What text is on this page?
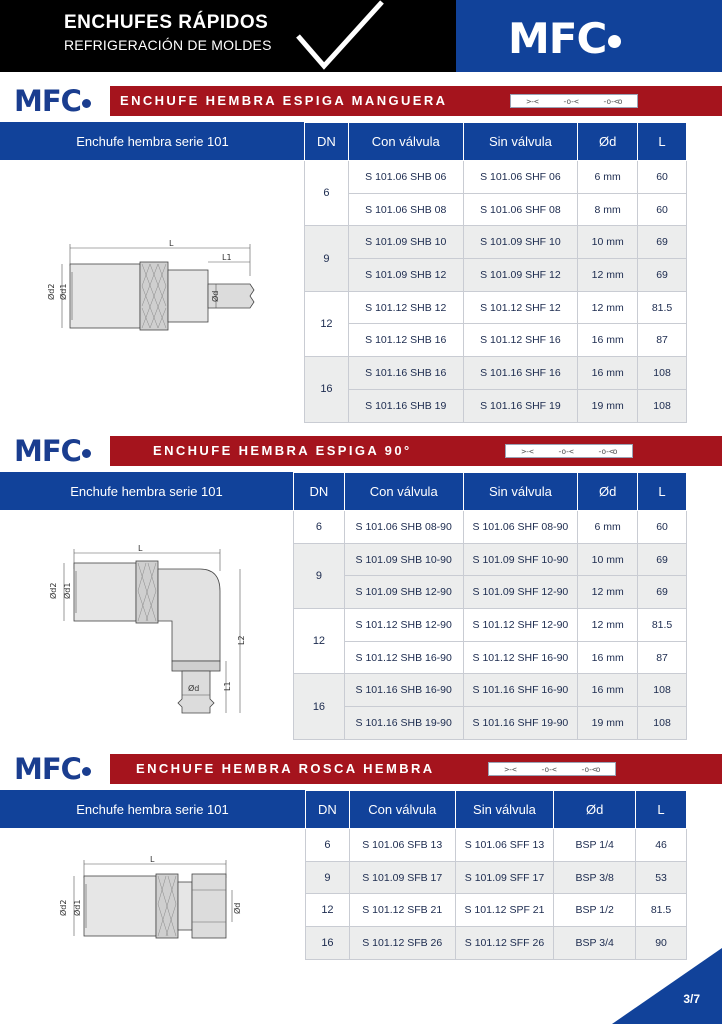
ENCHUFES RÁPIDOS
REFRIGERACIÓN DE MOLDES	MFC
MFC	ENCHUFE HEMBRA ESPIGA MANGUERA	>-<	-o-<	-o-<o
Enchufe hembra serie 101
L
L1
Ød2 Ød1	Ød
DN	Con válvula	Sin válvula	Ød	L
6	S 101.06 SHB 06	S 101.06 SHF 06	6 mm	60
	S 101.06 SHB 08	S 101.06 SHF 08	8 mm	60
9	S 101.09 SHB 10	S 101.09 SHF 10	10 mm	69
	S 101.09 SHB 12	S 101.09 SHF 12	12 mm	69
12	S 101.12 SHB 12	S 101.12 SHF 12	12 mm	81.5
	S 101.12 SHB 16	S 101.12 SHF 16	16 mm	87
16	S 101.16 SHB 16	S 101.16 SHF 16	16 mm	108
	S 101.16 SHB 19	S 101.16 SHF 19	19 mm	108
MFC	ENCHUFE HEMBRA ESPIGA 90°	>-<	-o-<	-o-<o
Enchufe hembra serie 101
L
L2
L1
Ød2 Ød1
Ød
DN	Con válvula	Sin válvula	Ød	L
6	S 101.06 SHB 08-90	S 101.06 SHF 08-90	6 mm	60
9	S 101.09 SHB 10-90	S 101.09 SHF 10-90	10 mm	69
	S 101.09 SHB 12-90	S 101.09 SHF 12-90	12 mm	69
12	S 101.12 SHB 12-90	S 101.12 SHF 12-90	12 mm	81.5
	S 101.12 SHB 16-90	S 101.12 SHF 16-90	16 mm	87
16	S 101.16 SHB 16-90	S 101.16 SHF 16-90	16 mm	108
	S 101.16 SHB 19-90	S 101.16 SHF 19-90	19 mm	108
MFC	ENCHUFE HEMBRA ROSCA HEMBRA	>-<	-o-<	-o-<o
Enchufe hembra serie 101
L
Ød2 Ød1	Ød
DN	Con válvula	Sin válvula	Ød	L
6	S 101.06 SFB 13	S 101.06 SFF 13	BSP 1/4	46
9	S 101.09 SFB 17	S 101.09 SFF 17	BSP 3/8	53
12	S 101.12 SFB 21	S 101.12 SPF 21	BSP 1/2	81.5
16	S 101.12 SFB 26	S 101.12 SFF 26	BSP 3/4	90
3/7
